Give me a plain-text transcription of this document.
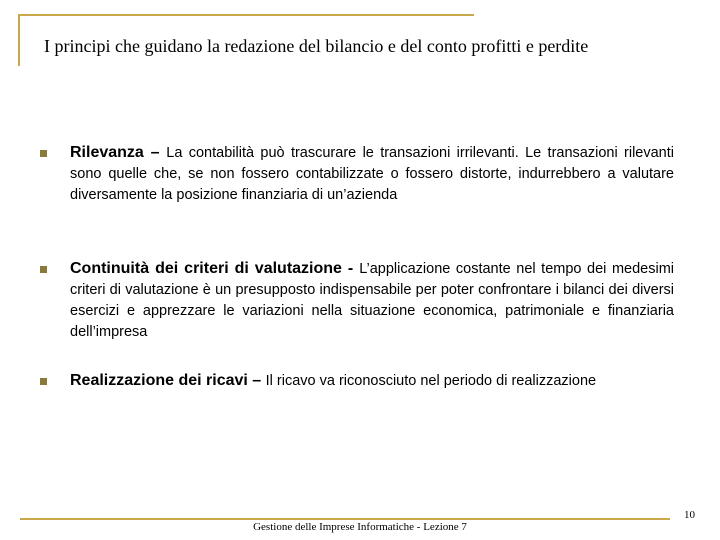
I principi che guidano la redazione del bilancio e del conto profitti e perdite
Rilevanza – La contabilità può trascurare le transazioni irrilevanti. Le transazioni rilevanti sono quelle che, se non fossero contabilizzate o fossero distorte, indurrebbero a valutare diversamente la posizione finanziaria di un’azienda
Continuità dei criteri di valutazione - L’applicazione costante nel tempo dei medesimi criteri di valutazione è un presupposto indispensabile per poter confrontare i bilanci dei diversi esercizi e apprezzare le variazioni nella situazione economica, patrimoniale e finanziaria dell’impresa
Realizzazione dei ricavi – Il ricavo va riconosciuto nel periodo di realizzazione
Gestione delle Imprese Informatiche - Lezione 7
10
